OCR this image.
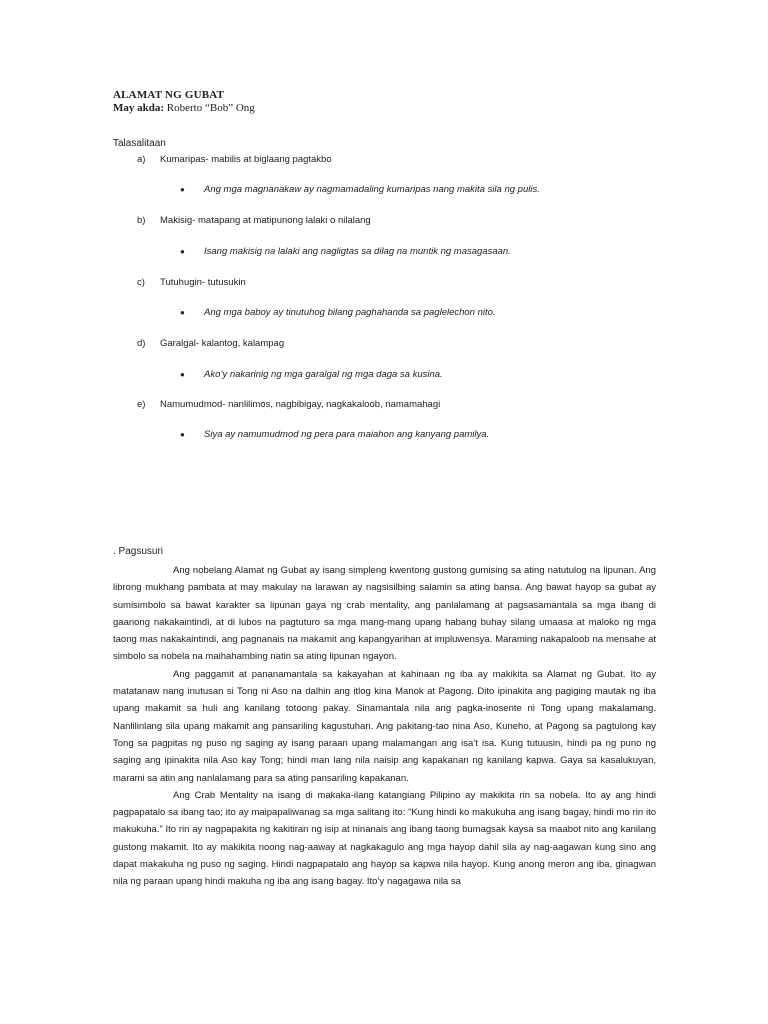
ALAMAT NG GUBAT
May akda: Roberto “Bob” Ong
Talasalitaan
a) Kumaripas- mabilis at biglaang pagtakbo
● Ang mga magnanakaw ay nagmamadaling kumaripas nang makita sila ng pulis.
b) Makisig- matapang at matipunong lalaki o nilalang
● Isang makisig na lalaki ang nagligtas sa dilag na muntik ng masagasaan.
c) Tutuhugin- tutusukin
● Ang mga baboy ay tinutuhog bilang paghahanda sa paglelechon nito.
d) Garalgal- kalantog, kalampag
● Ako’y nakarinig ng mga garalgal ng mga daga sa kusina.
e) Namumudmod- nanlilimos, nagbibigay, nagkakaloob, namamahagi
● Siya ay namumudmod ng pera para maiahon ang kanyang pamilya.
. Pagsusuri

Ang nobelang Alamat ng Gubat ay isang simpleng kwentong gustong gumising sa ating natutulog na lipunan. Ang librong mukhang pambata at may makulay na larawan ay nagsisilbing salamin sa ating bansa. Ang bawat hayop sa gubat ay sumisimbolo sa bawat karakter sa lipunan gaya ng crab mentality, ang panlalamang at pagsasamantala sa mga ibang di gaanong nakakaintindi, at di lubos na pagtuturo sa mga mang-mang upang habang buhay silang umaasa at maloko ng mga taong mas nakakaintindi, ang pagnanais na makamit ang kapangyarihan at impluwensya. Maraming nakapaloob na mensahe at simbolo sa nobela na maihahambing natin sa ating lipunan ngayon.

Ang paggamit at pananamantala sa kakayahan at kahinaan ng iba ay makikita sa Alamat ng Gubat. Ito ay matatanaw nang inutusan si Tong ni Aso na dalhin ang itlog kina Manok at Pagong. Dito ipinakita ang pagiging mautak ng iba upang makamit sa huli ang kanilang totoong pakay. Sinamantala nila ang pagka-inosente ni Tong upang makalamang. Nanlilinlang sila upang makamit ang pansariling kagustuhan. Ang pakitang-tao nina Aso, Kuneho, at Pagong sa pagtulong kay Tong sa pagpitas ng puso ng saging ay isang paraan upang malamangan ang isa’t isa. Kung tutuusin, hindi pa ng puno ng saging ang ipinakita nila Aso kay Tong; hindi man lang nila naisip ang kapakanan ng kanilang kapwa. Gaya sa kasalukuyan, marami sa atin ang nanlalamang para sa ating pansariling kapakanan.

Ang Crab Mentality na isang di makaka-ilang katangiang Pilipino ay makikita rin sa nobela. Ito ay ang hindi pagpapatalo sa ibang tao; ito ay maipapaliwanag sa mga salitang ito: “Kung hindi ko makukuha ang isang bagay, hindi mo rin ito makukuha.” Ito rin ay nagpapakita ng kakitiran ng isip at ninanais ang ibang taong bumagsak kaysa sa maabot nito ang kanilang gustong makamit. Ito ay makikita noong nag-aaway at nagkakagulo ang mga hayop dahil sila ay nag-aagawan kung sino ang dapat makakuha ng puso ng saging. Hindi nagpapatalo ang hayop sa kapwa nila hayop. Kung anong meron ang iba, ginagwan nila ng paraan upang hindi makuha ng iba ang isang bagay. Ito’y nagagawa nila sa
